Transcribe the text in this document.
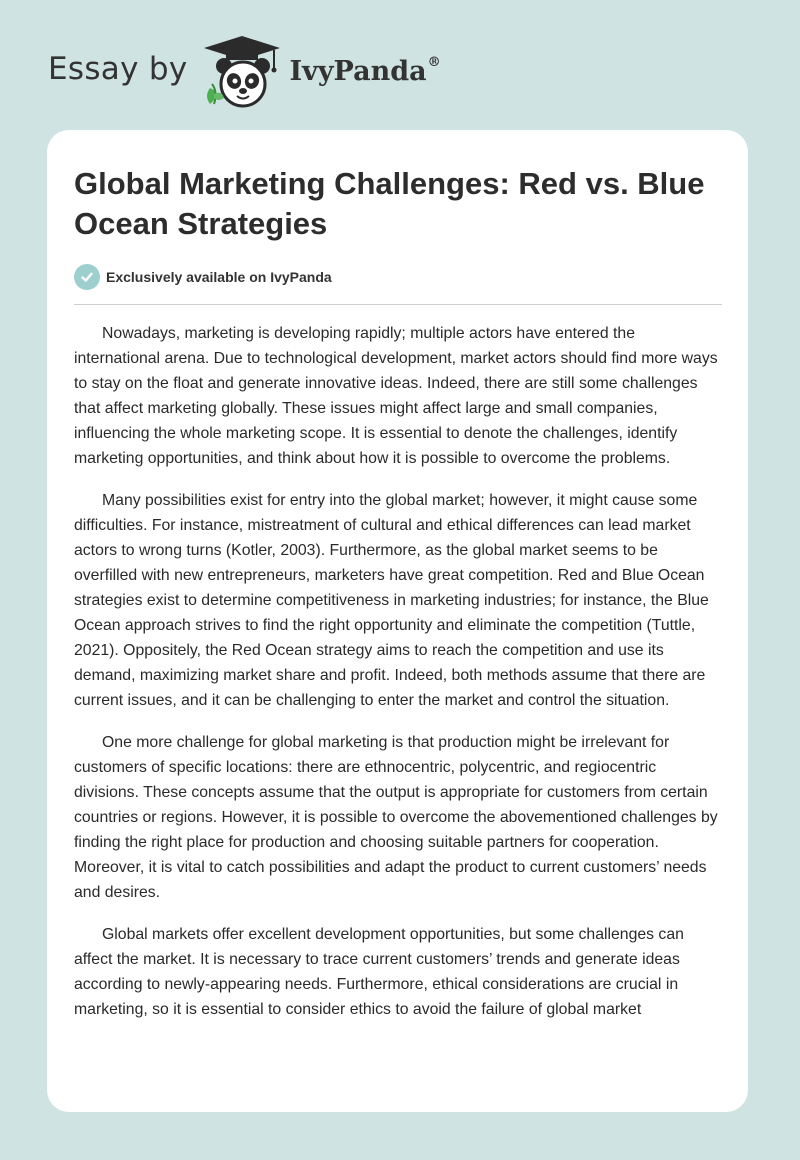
Essay by	IvyPanda®
Global Marketing Challenges: Red vs. Blue Ocean Strategies
Exclusively available on IvyPanda

Nowadays, marketing is developing rapidly; multiple actors have entered the international arena. Due to technological development, market actors should find more ways to stay on the float and generate innovative ideas. Indeed, there are still some challenges that affect marketing globally. These issues might affect large and small companies, influencing the whole marketing scope. It is essential to denote the challenges, identify marketing opportunities, and think about how it is possible to overcome the problems.

Many possibilities exist for entry into the global market; however, it might cause some difficulties. For instance, mistreatment of cultural and ethical differences can lead market actors to wrong turns (Kotler, 2003). Furthermore, as the global market seems to be overfilled with new entrepreneurs, marketers have great competition. Red and Blue Ocean strategies exist to determine competitiveness in marketing industries; for instance, the Blue Ocean approach strives to find the right opportunity and eliminate the competition (Tuttle, 2021). Oppositely, the Red Ocean strategy aims to reach the competition and use its demand, maximizing market share and profit. Indeed, both methods assume that there are current issues, and it can be challenging to enter the market and control the situation.

One more challenge for global marketing is that production might be irrelevant for customers of specific locations: there are ethnocentric, polycentric, and regiocentric divisions. These concepts assume that the output is appropriate for customers from certain countries or regions. However, it is possible to overcome the abovementioned challenges by finding the right place for production and choosing suitable partners for cooperation. Moreover, it is vital to catch possibilities and adapt the product to current customers’ needs and desires.

Global markets offer excellent development opportunities, but some challenges can affect the market. It is necessary to trace current customers’ trends and generate ideas according to newly-appearing needs. Furthermore, ethical considerations are crucial in marketing, so it is essential to consider ethics to avoid the failure of global market
